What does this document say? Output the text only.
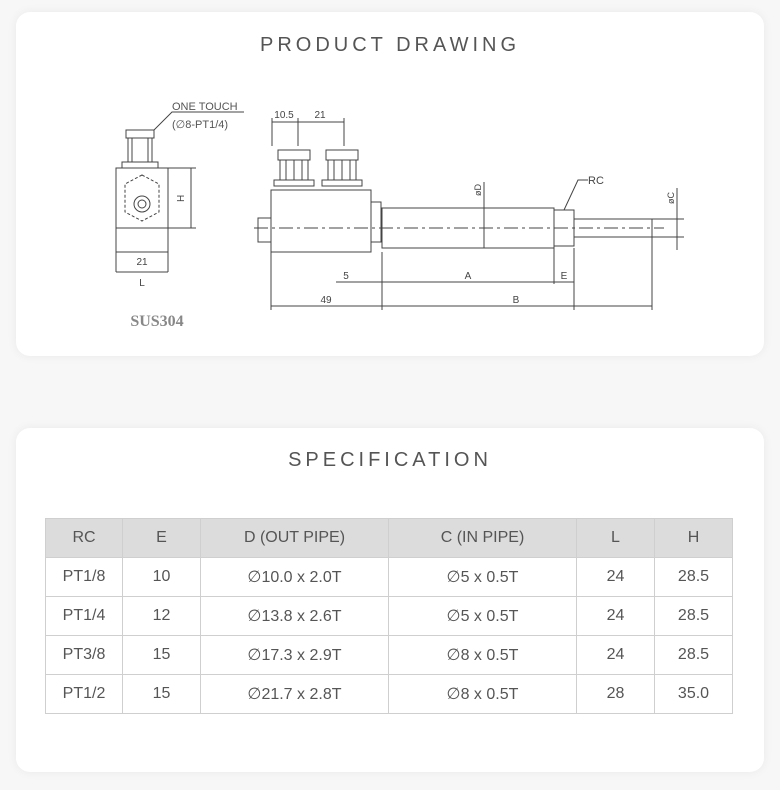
PRODUCT DRAWING
ONE TOUCH
(∅8-PT1/4)
H
21
L
SUS304
10.5 21
øD
RC
øC
5	A	E
49	B
SPECIFICATION
RC	E	D (OUT PIPE)	C (IN PIPE)	L	H
PT1/8	10	∅10.0 x 2.0T	∅5 x 0.5T	24	28.5
PT1/4	12	∅13.8 x 2.6T	∅5 x 0.5T	24	28.5
PT3/8	15	∅17.3 x 2.9T	∅8 x 0.5T	24	28.5
PT1/2	15	∅21.7 x 2.8T	∅8 x 0.5T	28	35.0
